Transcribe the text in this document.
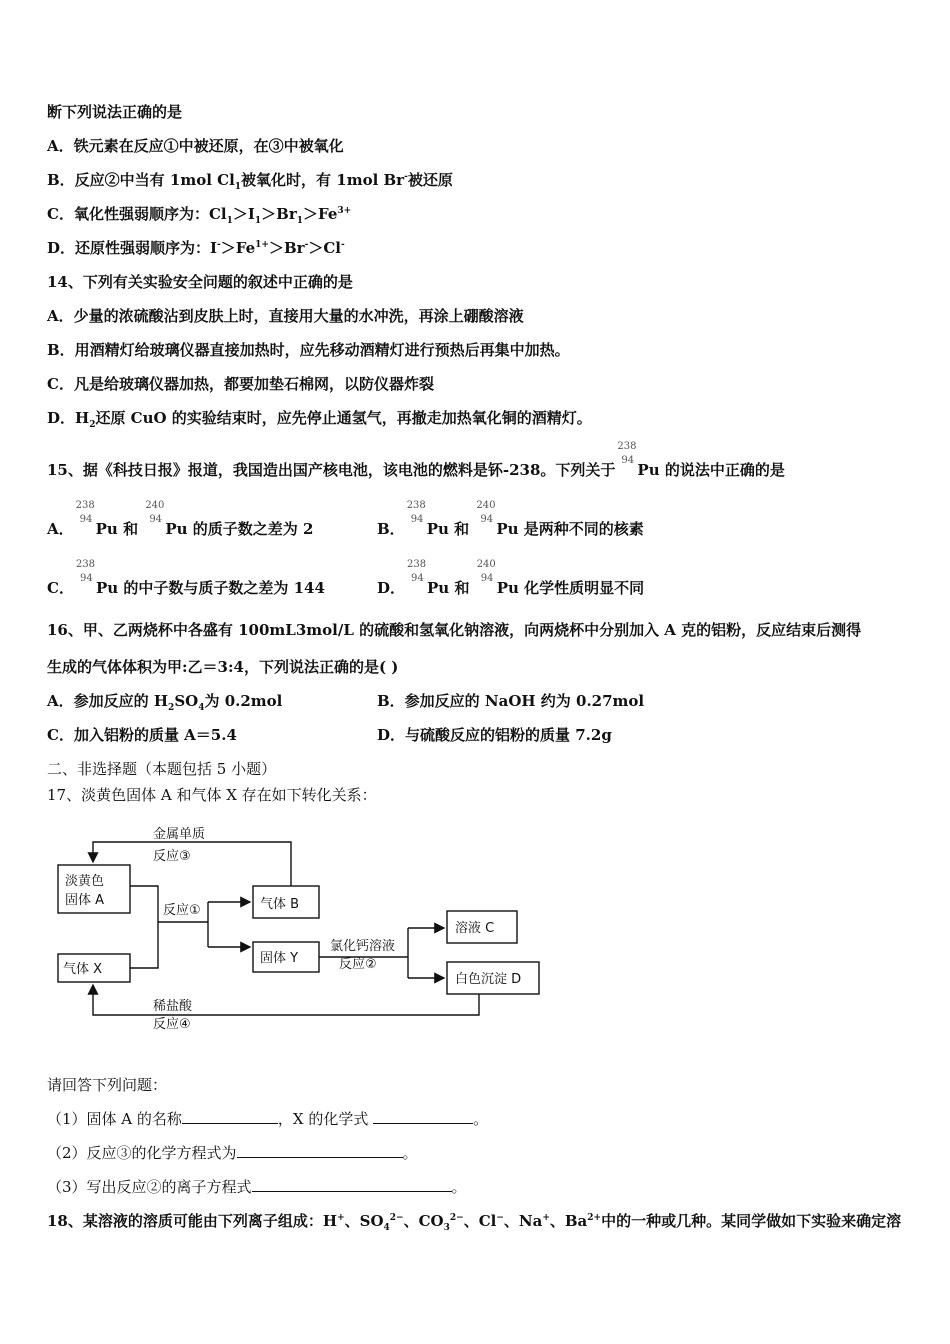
断下列说法正确的是
A．铁元素在反应①中被还原，在③中被氧化
B．反应②中当有 1mol $Cl_1$被氧化时，有 1mol Br-被还原
C．氧化性强弱顺序为：$Cl_1>I_1>Br_1>Fe^{3+}$
D．还原性强弱顺序为：$I^->Fe^{1+}>Br^->Cl^-$
14、下列有关实验安全问题的叙述中正确的是
A．少量的浓硫酸沾到皮肤上时，直接用大量的水冲洗，再涂上硼酸溶液
B．用酒精灯给玻璃仪器直接加热时，应先移动酒精灯进行预热后再集中加热。
C．凡是给玻璃仪器加热，都要加垫石棉网，以防仪器炸裂
D．$H_2$还原 CuO 的实验结束时，应先停止通氢气，再撤走加热氧化铜的酒精灯。
15、据《科技日报》报道，我国造出国产核电池，该电池的燃料是钚-238。下列关于
238
94
Pu 的说法中正确的是
A．
238
94
Pu 和
240
94
Pu 的质子数之差为 2	B．
238
94
Pu 和
240
94
Pu 是两种不同的核素
C．
238
94
Pu 的中子数与质子数之差为 144	D．
238
94
Pu 和
240
94
Pu 化学性质明显不同
16、甲、乙两烧杯中各盛有 100mL3mol/L 的硫酸和氢氧化钠溶液，向两烧杯中分别加入 A 克的铝粉，反应结束后测得
生成的气体体积为甲:乙＝3:4，下列说法正确的是( )
A．参加反应的 $H_2SO_4$为 0.2mol	B．参加反应的 NaOH 约为 0.27mol
C．加入铝粉的质量 A＝5.4	D．与硫酸反应的铝粉的质量 7.2g
二、非选择题（本题包括 5 小题）
17、淡黄色固体 A 和气体 X 存在如下转化关系：
淡黄色
固体 A
气体 X
气体 B
固体 Y
溶液 C
白色沉淀 D
金属单质
反应③
反应①
氯化钙溶液
反应②
稀盐酸
反应④
请回答下列问题：
（1）固体 A 的名称	，X 的化学式	。
（2）反应③的化学方程式为	。
（3）写出反应②的离子方程式	。
18、某溶液的溶质可能由下列离子组成：H+、$SO_4^{2-}$、$CO_3^{2-}$、Cl−、Na+、$Ba^{2+}$中的一种或几种。某同学做如下实验来确定溶
